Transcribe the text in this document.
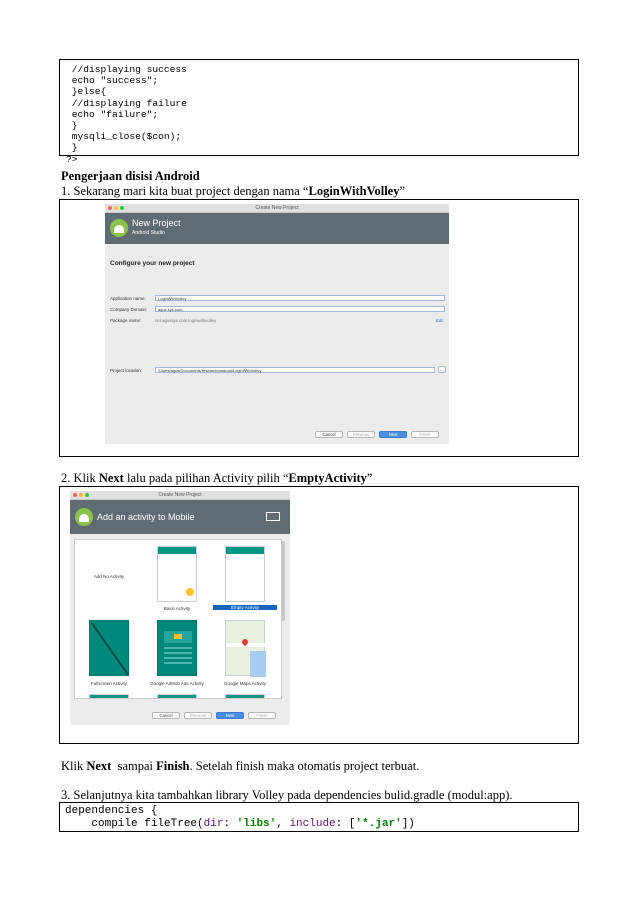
//displaying success
echo "success";
}else{
//displaying failure
echo "failure";
}
mysqli_close($con);
}
?>
Pengerjaan disisi Android
1. Sekarang mari kita buat project dengan nama “LoginWithVolley”
Create New Project
New Project
Android Studio
Configure your new project
Application name:	LoginWithVolley
Company Domain:	agus.sys.com
Package name:	net.agussys.com.loginwithvolley	Edit
Project location:	/Users/agus/Documents/research/android/LoginWithVolley	...
Cancel	Previous	Next	Finish
2. Klik Next lalu pada pilihan Activity pilih “EmptyActivity”
Create New Project
Add an activity to Mobile
Add No Activity
Basic Activity	Empty Activity
Fullscreen Activity	Google AdMob Ads Activity	Google Maps Activity
Cancel	Previous	Next	Finish
Klik Next  sampai Finish. Setelah finish maka otomatis project terbuat.
3. Selanjutnya kita tambahkan library Volley pada dependencies bulid.gradle (modul:app).
dependencies {
compile fileTree(dir: 'libs', include: ['*.jar'])
